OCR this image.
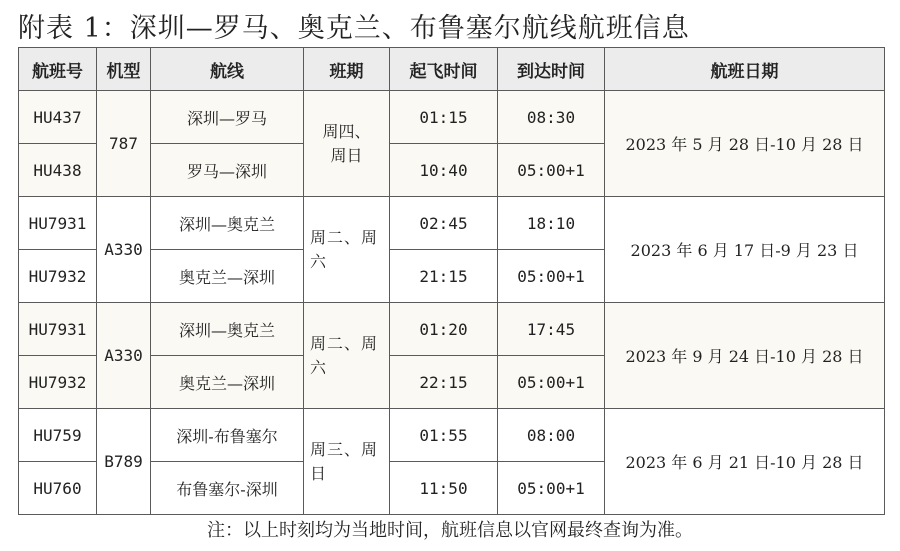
附表 1：深圳—罗马、奥克兰、布鲁塞尔航线航班信息
航班号	机型	航线	班期	起飞时间	到达时间	航班日期
HU437	787	深圳—罗马	周四、周日	01:15	08:30	2023 年 5 月 28 日-10 月 28 日
HU438		罗马—深圳		10:40	05:00+1	
HU7931	A330	深圳—奥克兰	周二、周六	02:45	18:10	2023 年 6 月 17 日-9 月 23 日
HU7932		奥克兰—深圳		21:15	05:00+1	
HU7931	A330	深圳—奥克兰	周二、周六	01:20	17:45	2023 年 9 月 24 日-10 月 28 日
HU7932		奥克兰—深圳		22:15	05:00+1	
HU759	B789	深圳-布鲁塞尔	周三、周日	01:55	08:00	2023 年 6 月 21 日-10 月 28 日
HU760		布鲁塞尔-深圳		11:50	05:00+1	
注：以上时刻均为当地时间，航班信息以官网最终查询为准。
